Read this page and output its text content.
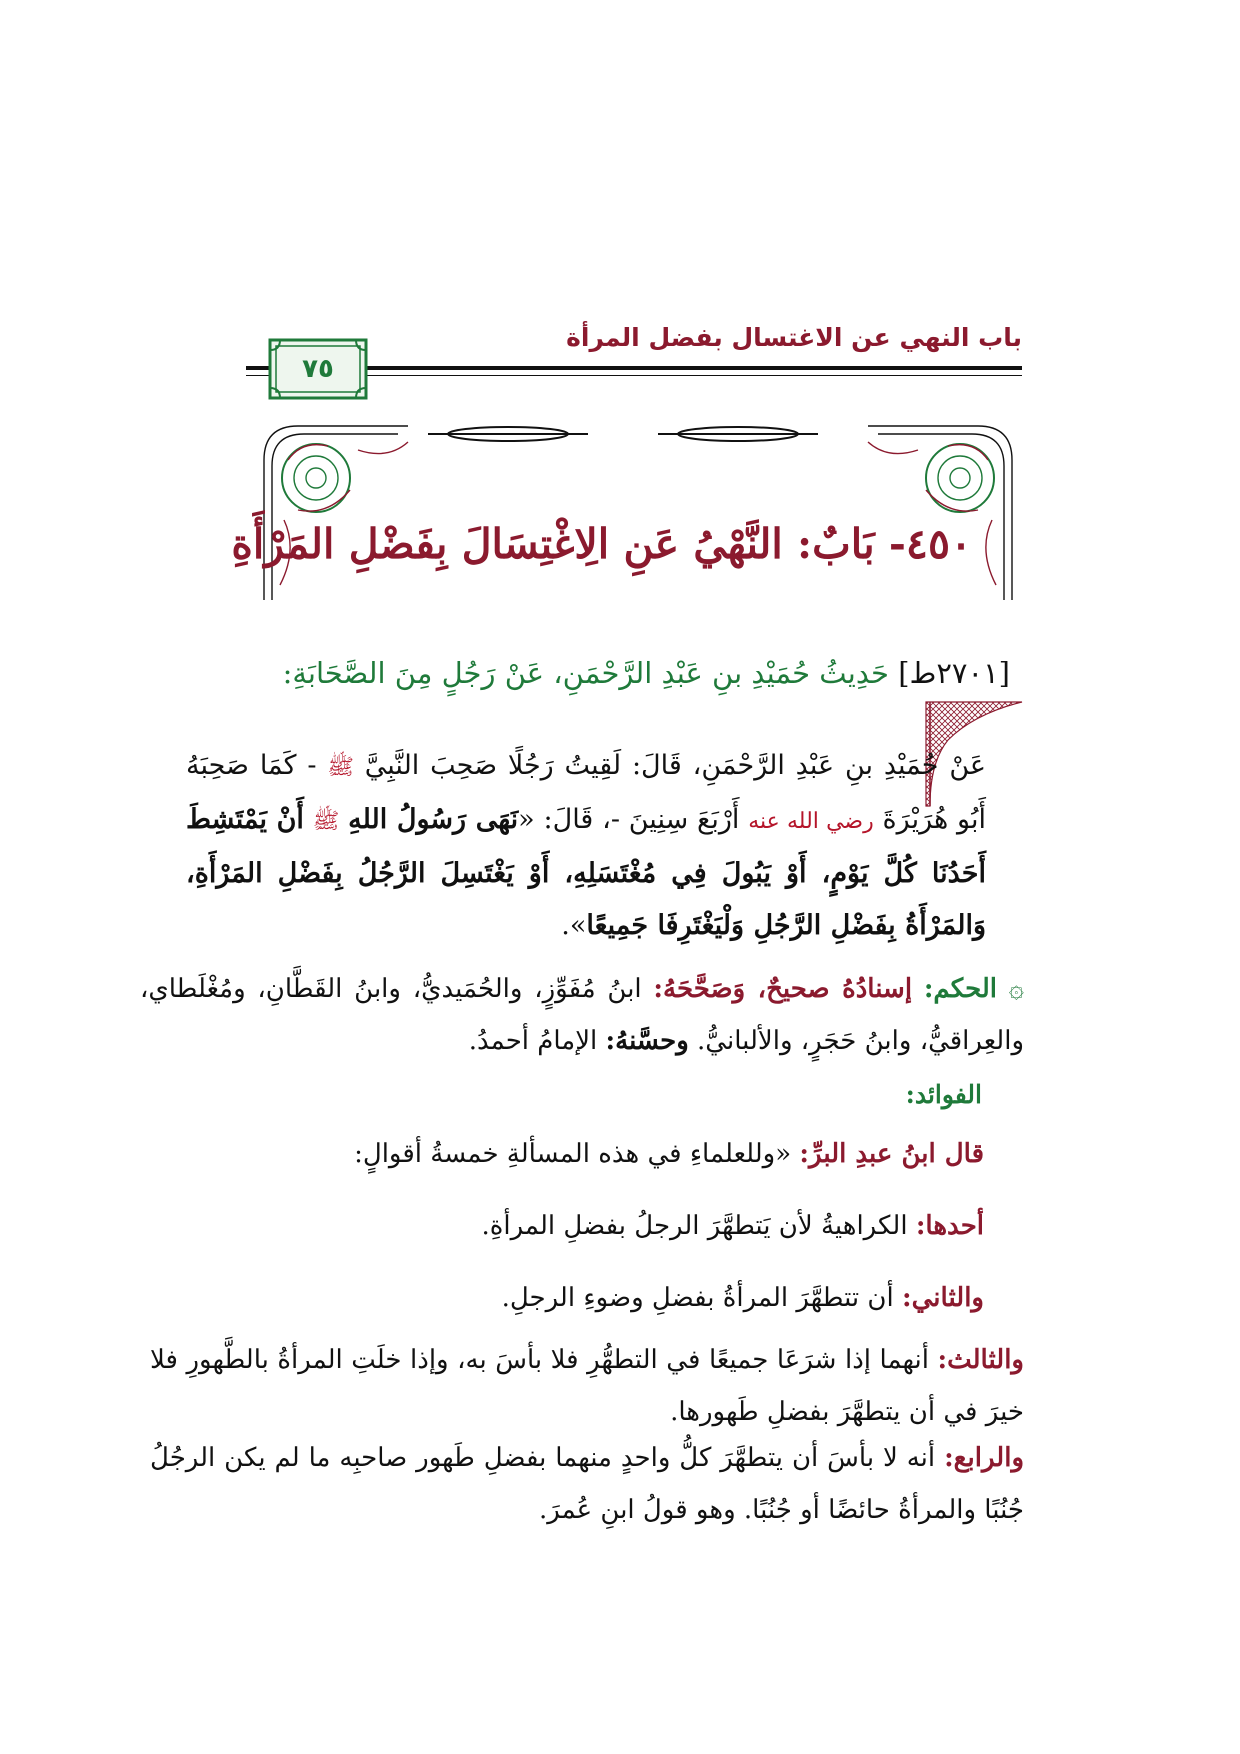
باب النهي عن الاغتسال بفضل المرأة
٧٥
٤٥٠- بَابٌ: النَّهْيُ عَنِ الِاغْتِسَالَ بِفَضْلِ المَرْأَةِ
[٢٧٠١ط] حَدِيثُ حُمَيْدِ بنِ عَبْدِ الرَّحْمَنِ، عَنْ رَجُلٍ مِنَ الصَّحَابَةِ:
عَنْ حُمَيْدِ بنِ عَبْدِ الرَّحْمَنِ، قَالَ: لَقِيتُ رَجُلًا صَحِبَ النَّبِيَّ ﷺ - كَمَا صَحِبَهُ أَبُو هُرَيْرَةَ رضي الله عنه أَرْبَعَ سِنِينَ -، قَالَ: «نَهَى رَسُولُ اللهِ ﷺ أَنْ يَمْتَشِطَ أَحَدُنَا كُلَّ يَوْمٍ، أَوْ يَبُولَ فِي مُغْتَسَلِهِ، أَوْ يَغْتَسِلَ الرَّجُلُ بِفَضْلِ المَرْأَةِ، وَالمَرْأَةُ بِفَضْلِ الرَّجُلِ وَلْيَغْتَرِفَا جَمِيعًا».
۞ الحكم: إسنادُهُ صحيحٌ، وَصَحَّحَهُ: ابنُ مُفَوِّزٍ، والحُمَيديُّ، وابنُ القَطَّانِ، ومُغْلَطاي، والعِراقيُّ، وابنُ حَجَرٍ، والألبانيُّ. وحسَّنهُ: الإمامُ أحمدُ.
الفوائد:
قال ابنُ عبدِ البرِّ: «وللعلماءِ في هذه المسألةِ خمسةُ أقوالٍ:
أحدها: الكراهيةُ لأن يَتطهَّرَ الرجلُ بفضلِ المرأةِ.
والثاني: أن تتطهَّرَ المرأةُ بفضلِ وضوءِ الرجلِ.
والثالث: أنهما إذا شرَعَا جميعًا في التطهُّرِ فلا بأسَ به، وإذا خلَتِ المرأةُ بالطَّهورِ فلا خيرَ في أن يتطهَّرَ بفضلِ طَهورها.
والرابع: أنه لا بأسَ أن يتطهَّرَ كلُّ واحدٍ منهما بفضلِ طَهور صاحبِه ما لم يكن الرجُلُ جُنُبًا والمرأةُ حائضًا أو جُنُبًا. وهو قولُ ابنِ عُمرَ.
